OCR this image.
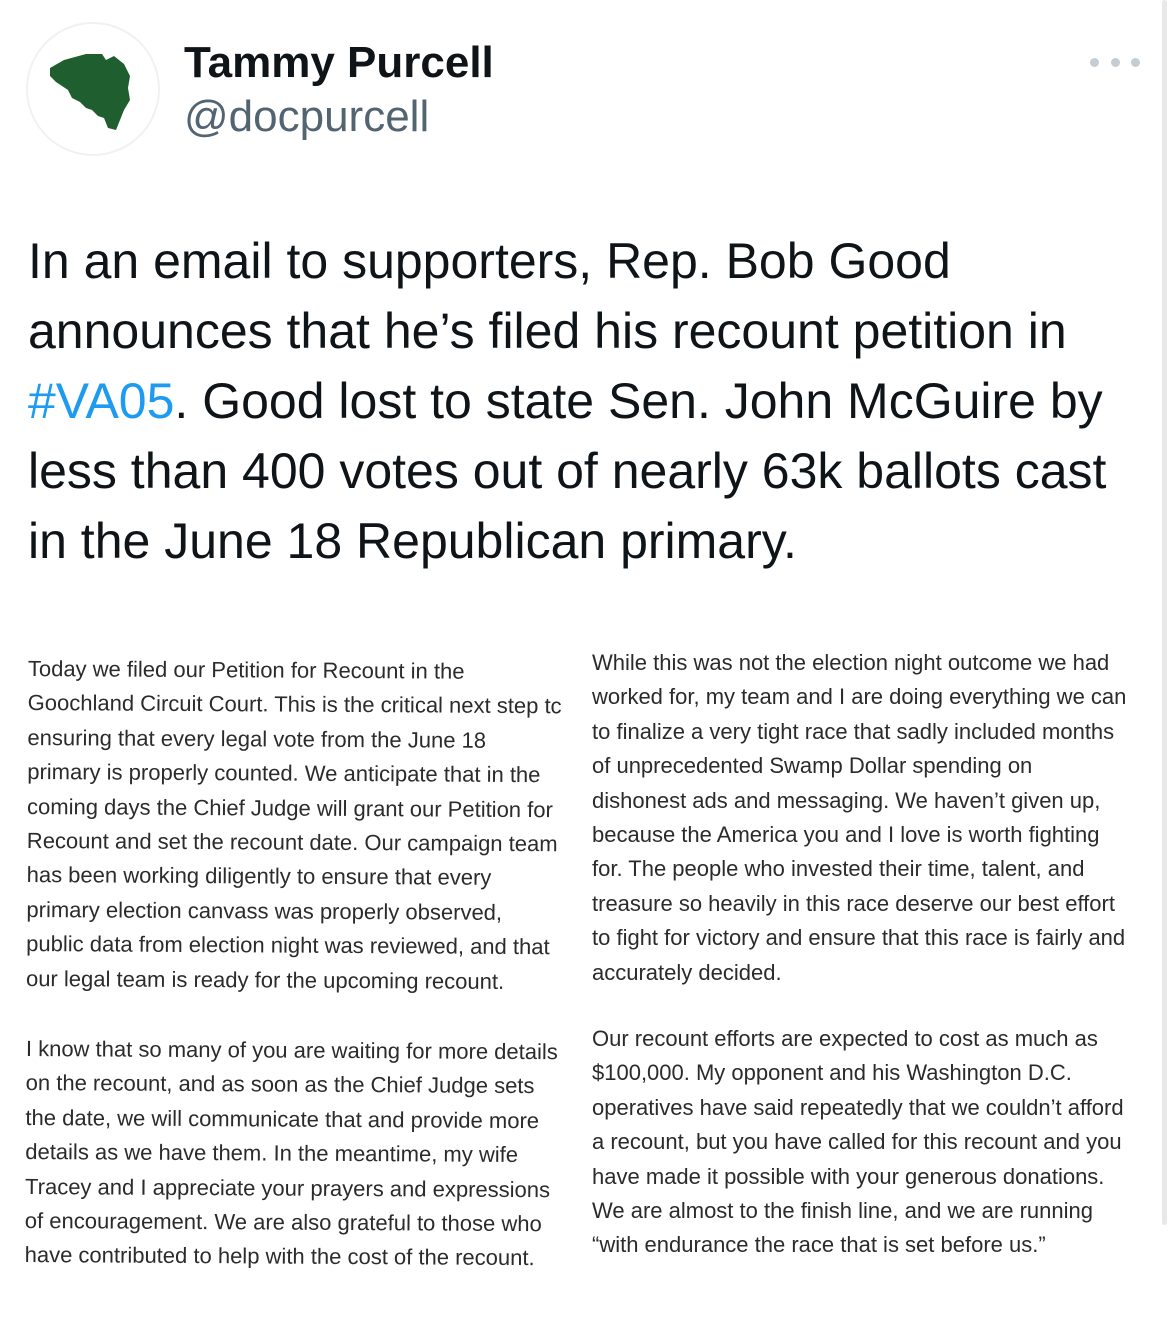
Tammy Purcell
@docpurcell
In an email to supporters, Rep. Bob Good announces that he’s filed his recount petition in #VA05. Good lost to state Sen. John McGuire by less than 400 votes out of nearly 63k ballots cast in the June 18 Republican primary.
Today we filed our Petition for Recount in the
Goochland Circuit Court. This is the critical next step tc
ensuring that every legal vote from the June 18
primary is properly counted. We anticipate that in the
coming days the Chief Judge will grant our Petition for
Recount and set the recount date. Our campaign team
has been working diligently to ensure that every
primary election canvass was properly observed,
public data from election night was reviewed, and that
our legal team is ready for the upcoming recount.
I know that so many of you are waiting for more details
on the recount, and as soon as the Chief Judge sets
the date, we will communicate that and provide more
details as we have them. In the meantime, my wife
Tracey and I appreciate your prayers and expressions
of encouragement. We are also grateful to those who
have contributed to help with the cost of the recount.
While this was not the election night outcome we had
worked for, my team and I are doing everything we can
to finalize a very tight race that sadly included months
of unprecedented Swamp Dollar spending on
dishonest ads and messaging. We haven’t given up,
because the America you and I love is worth fighting
for. The people who invested their time, talent, and
treasure so heavily in this race deserve our best effort
to fight for victory and ensure that this race is fairly and
accurately decided.
Our recount efforts are expected to cost as much as
$100,000. My opponent and his Washington D.C.
operatives have said repeatedly that we couldn’t afford
a recount, but you have called for this recount and you
have made it possible with your generous donations.
We are almost to the finish line, and we are running
“with endurance the race that is set before us.”
